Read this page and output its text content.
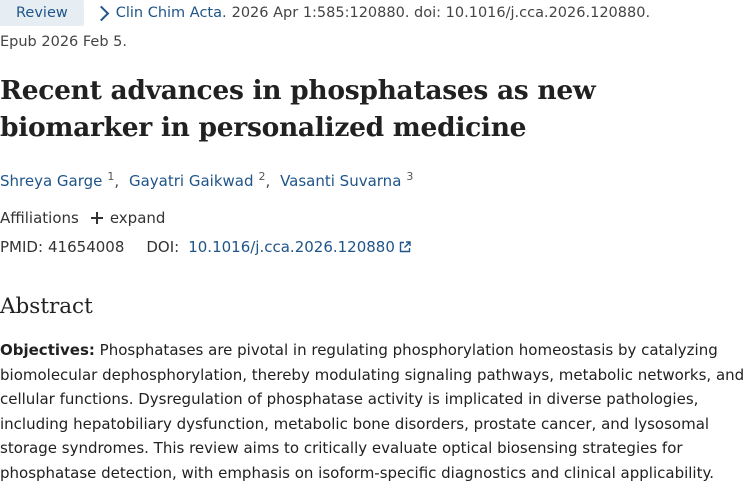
Review	Clin Chim Acta. 2026 Apr 1:585:120880. doi: 10.1016/j.cca.2026.120880.
Epub 2026 Feb 5.
Recent advances in phosphatases as new biomarker in personalized medicine
Shreya Garge $^1$, Gayatri Gaikwad $^2$, Vasanti Suvarna $^3$
Affiliations expand
PMID: 41654008 DOI: 10.1016/j.cca.2026.120880
Abstract

Objectives: Phosphatases are pivotal in regulating phosphorylation homeostasis by catalyzing biomolecular dephosphorylation, thereby modulating signaling pathways, metabolic networks, and cellular functions. Dysregulation of phosphatase activity is implicated in diverse pathologies, including hepatobiliary dysfunction, metabolic bone disorders, prostate cancer, and lysosomal storage syndromes. This review aims to critically evaluate optical biosensing strategies for phosphatase detection, with emphasis on isoform-specific diagnostics and clinical applicability.
